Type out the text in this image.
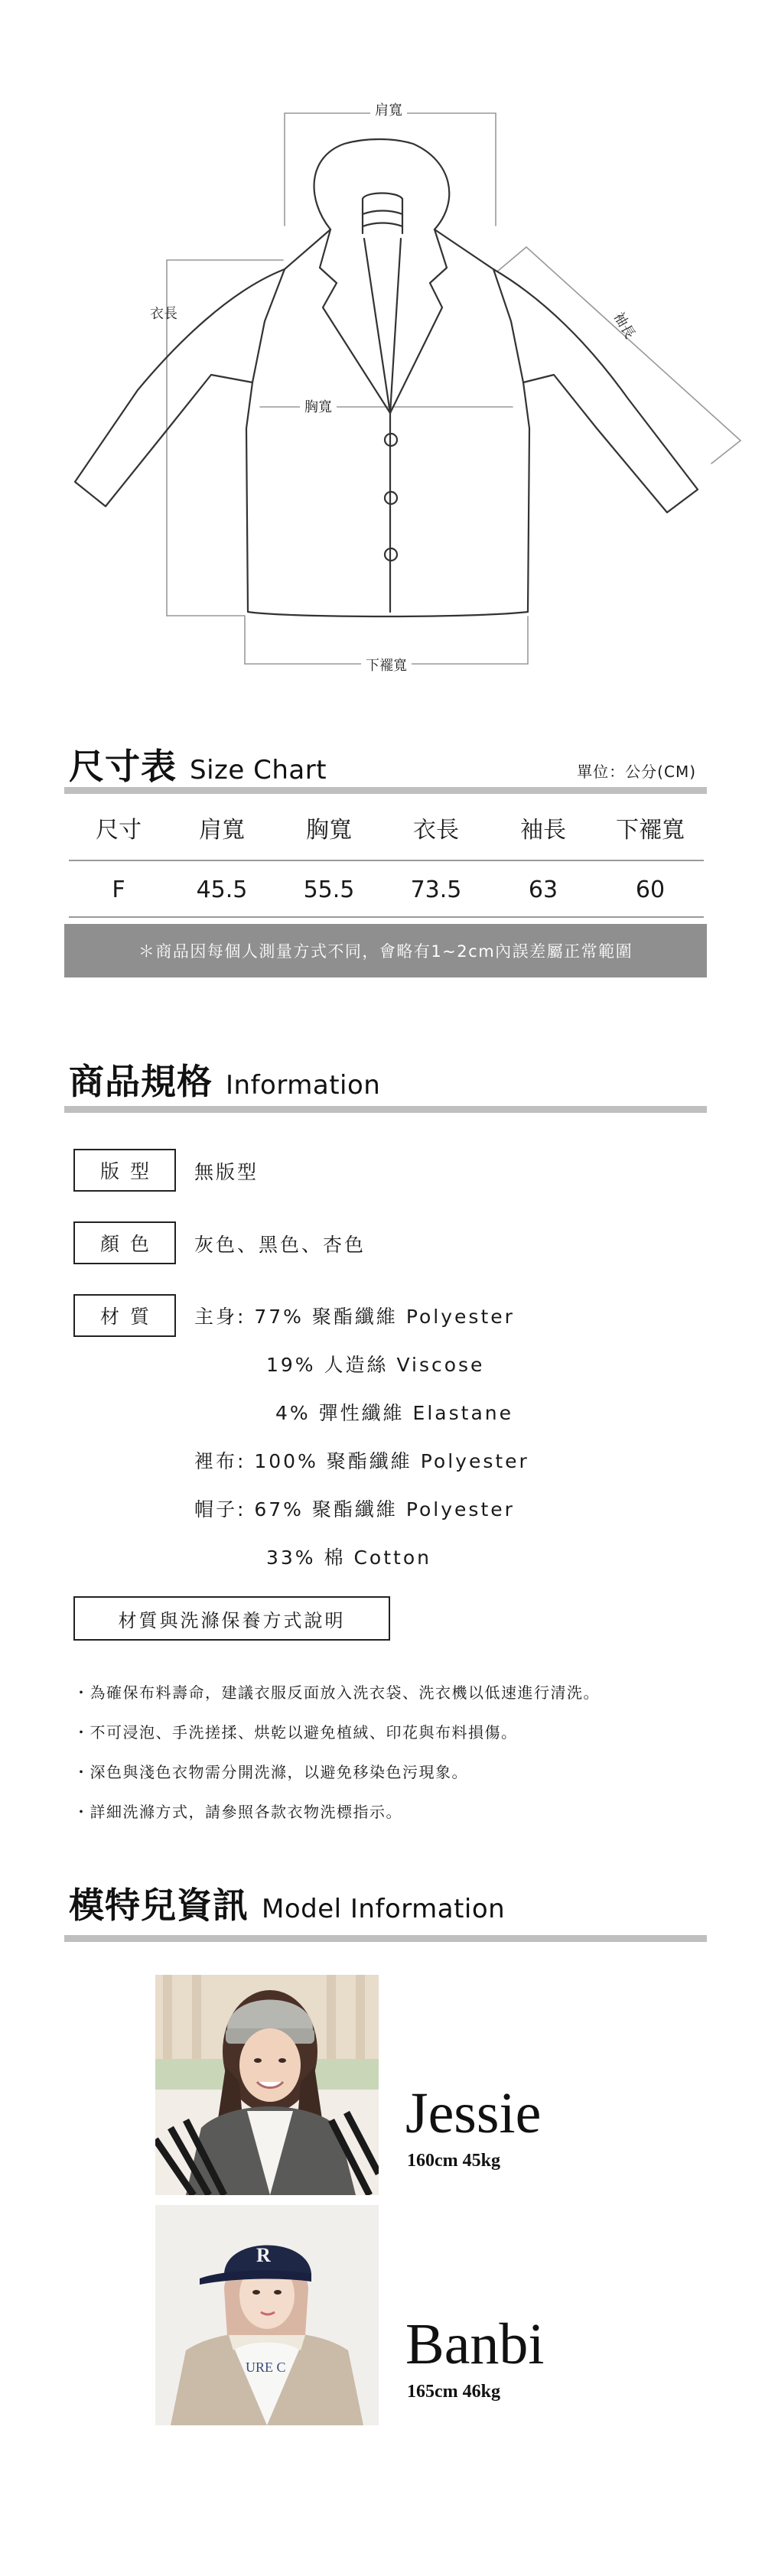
肩寬
衣長	袖長
胸寬
下襬寬
尺寸表 Size Chart	單位：公分(CM)
尺寸	肩寬	胸寬	衣長	袖長	下襬寬
F	45.5	55.5	73.5	63	60
＊商品因每個人測量方式不同，會略有1~2cm內誤差屬正常範圍
商品規格 Information
版型	無版型
顏色	灰色、黑色、杏色
材質	主身: 77% 聚酯纖維 Polyester
19% 人造絲 Viscose
4% 彈性纖維 Elastane
裡布: 100% 聚酯纖維 Polyester
帽子: 67% 聚酯纖維 Polyester
33% 棉 Cotton
材質與洗滌保養方式說明
・為確保布料壽命，建議衣服反面放入洗衣袋、洗衣機以低速進行清洗。
・不可浸泡、手洗搓揉、烘乾以避免植絨、印花與布料損傷。
・深色與淺色衣物需分開洗滌，以避免移染色污現象。
・詳細洗滌方式，請參照各款衣物洗標指示。
模特兒資訊 Model Information
Jessie
160cm 45kg
URE C
R
Banbi
165cm 46kg
